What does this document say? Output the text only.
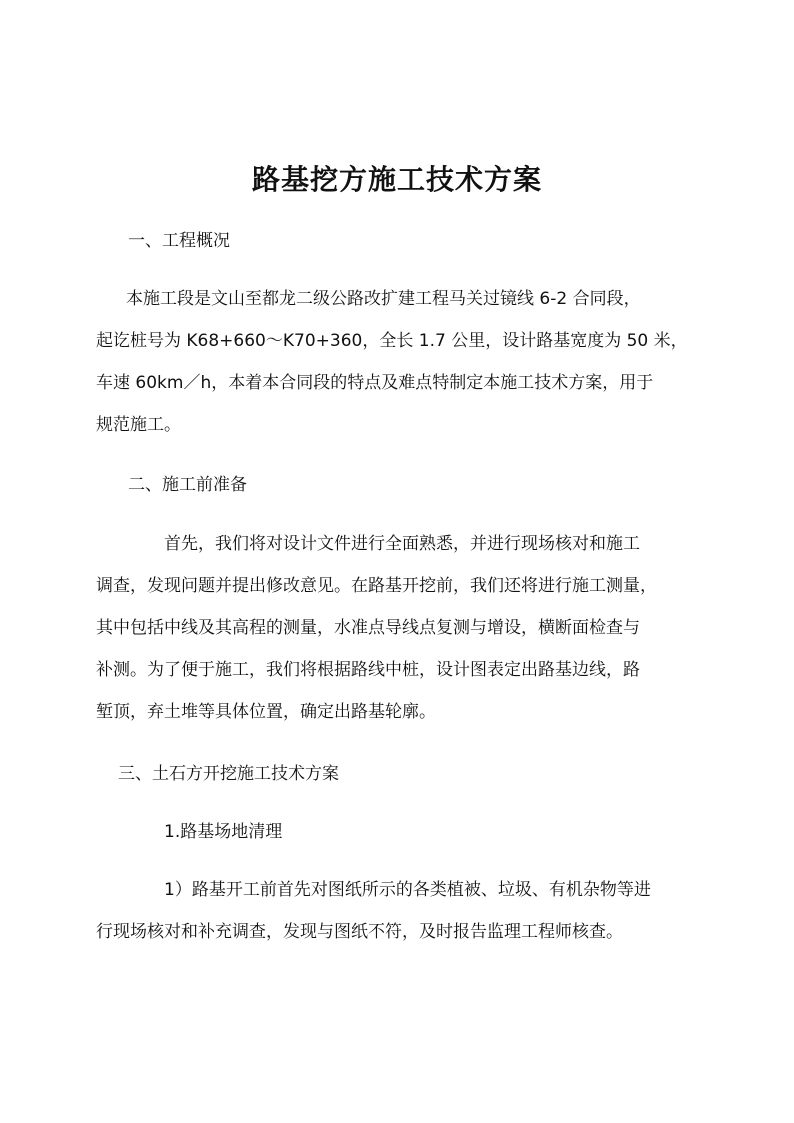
路基挖方施工技术方案
一、工程概况
本施工段是文山至都龙二级公路改扩建工程马关过镜线 6-2 合同段，
起讫桩号为 K68+660～K70+360，全长 1.7 公里，设计路基宽度为 50 米，
车速 60km／h，本着本合同段的特点及难点特制定本施工技术方案，用于
规范施工。
二、施工前准备
首先，我们将对设计文件进行全面熟悉，并进行现场核对和施工
调查，发现问题并提出修改意见。在路基开挖前，我们还将进行施工测量，
其中包括中线及其高程的测量，水准点导线点复测与增设，横断面检查与
补测。为了便于施工，我们将根据路线中桩，设计图表定出路基边线，路
堑顶，弃土堆等具体位置，确定出路基轮廓。
三、土石方开挖施工技术方案
1.路基场地清理
1）路基开工前首先对图纸所示的各类植被、垃圾、有机杂物等进
行现场核对和补充调查，发现与图纸不符，及时报告监理工程师核查。
